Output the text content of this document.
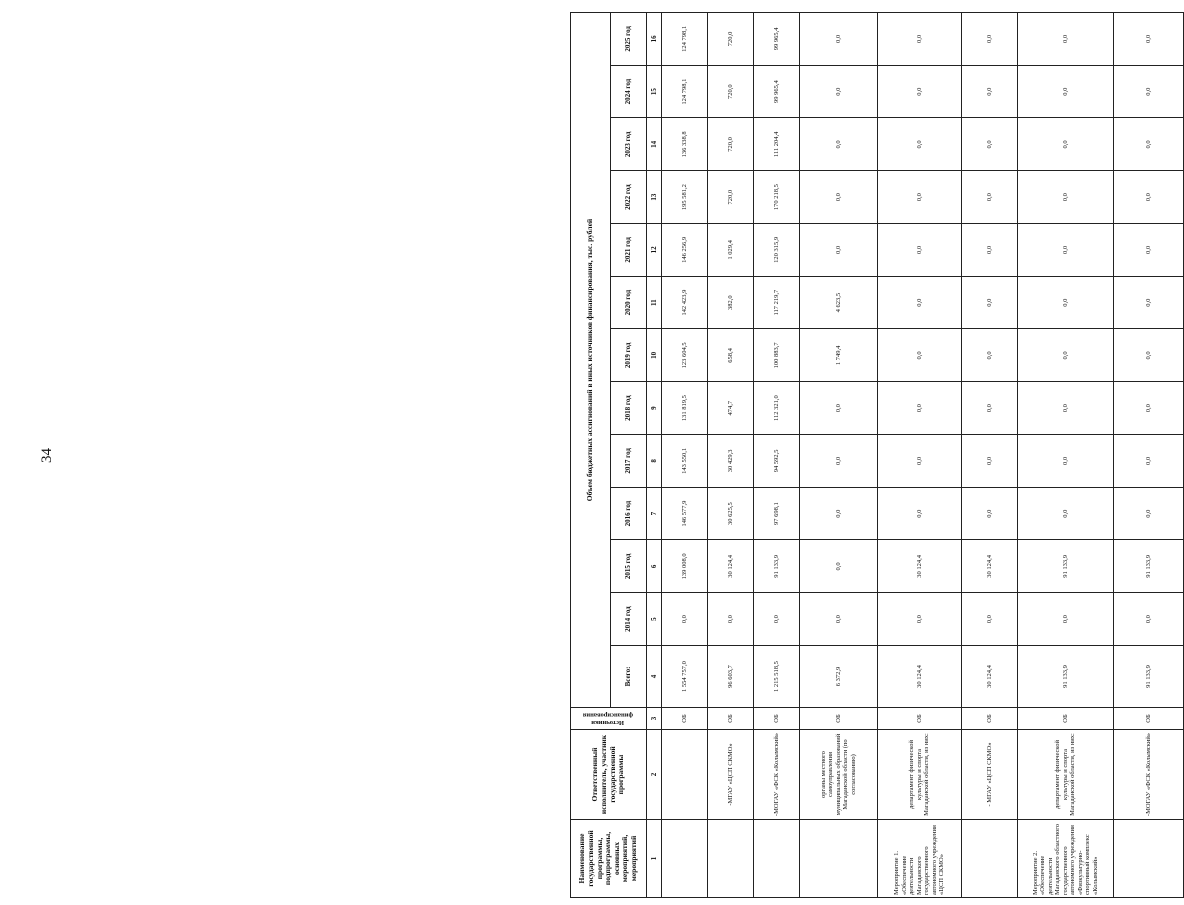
34
Наименование государственной программы, подпрограммы, основных мероприятий, мероприятий	Ответственный исполнитель, участник государственной программы	Источники финансирования	Объем бюджетных ассигнований в иных источников финансирования, тыс. рублей												
			Всего:	2014 год	2015 год	2016 год	2017 год	2018 год	2019 год	2020 год	2021 год	2022 год	2023 год	2024 год	2025 год
1	2	3	4	5	6	7	8	9	10	11	12	13	14	15	16
		ОБ	1 554 757,0	0,0	139 008,0	146 577,9	143 550,1	131 819,5	123 604,5	142 423,9	146 256,9	195 581,2	136 338,8	124 798,1	124 798,1
	-МГАУ «ЦСП СКМО»	ОБ	96 603,7	0,0	30 124,4	30 625,5	30 429,3	474,7	658,4	382,0	1 029,4	720,0	720,0	720,0	720,0
	-МОГАУ «ФСК «Колымский»	ОБ	1 215 518,5	0,0	91 133,9	97 698,1	94 592,5	112 321,0	100 883,7	117 219,7	120 315,9	170 218,5	111 204,4	99 965,4	99 965,4
	органы местного самоуправления муниципальных образований Магаданской области (по согласованию)	ОБ	6 372,9	0,0	0,0	0,0	0,0	0,0	1 749,4	4 623,5	0,0	0,0	0,0	0,0	0,0
Мероприятие 1. «Обеспечение деятельности Магаданского государственного автономного учреждения «ЦСП СКМО»	департамент физической культуры и спорта Магаданской области, из них:	ОБ	30 124,4	0,0	30 124,4	0,0	0,0	0,0	0,0	0,0	0,0	0,0	0,0	0,0	0,0
	- МГАУ «ЦСП СКМО»	ОБ	30 124,4	0,0	30 124,4	0,0	0,0	0,0	0,0	0,0	0,0	0,0	0,0	0,0	0,0
Мероприятие 2. «Обеспечение деятельности Магаданского областного государственного автономного учреждения «Физкультурно-спортивный комплекс «Колымский»	департамент физической культуры и спорта Магаданской области, из них:	ОБ	91 133,9	0,0	91 133,9	0,0	0,0	0,0	0,0	0,0	0,0	0,0	0,0	0,0	0,0
	-МОГАУ «ФСК «Колымский»	ОБ	91 133,9	0,0	91 133,9	0,0	0,0	0,0	0,0	0,0	0,0	0,0	0,0	0,0	0,0
